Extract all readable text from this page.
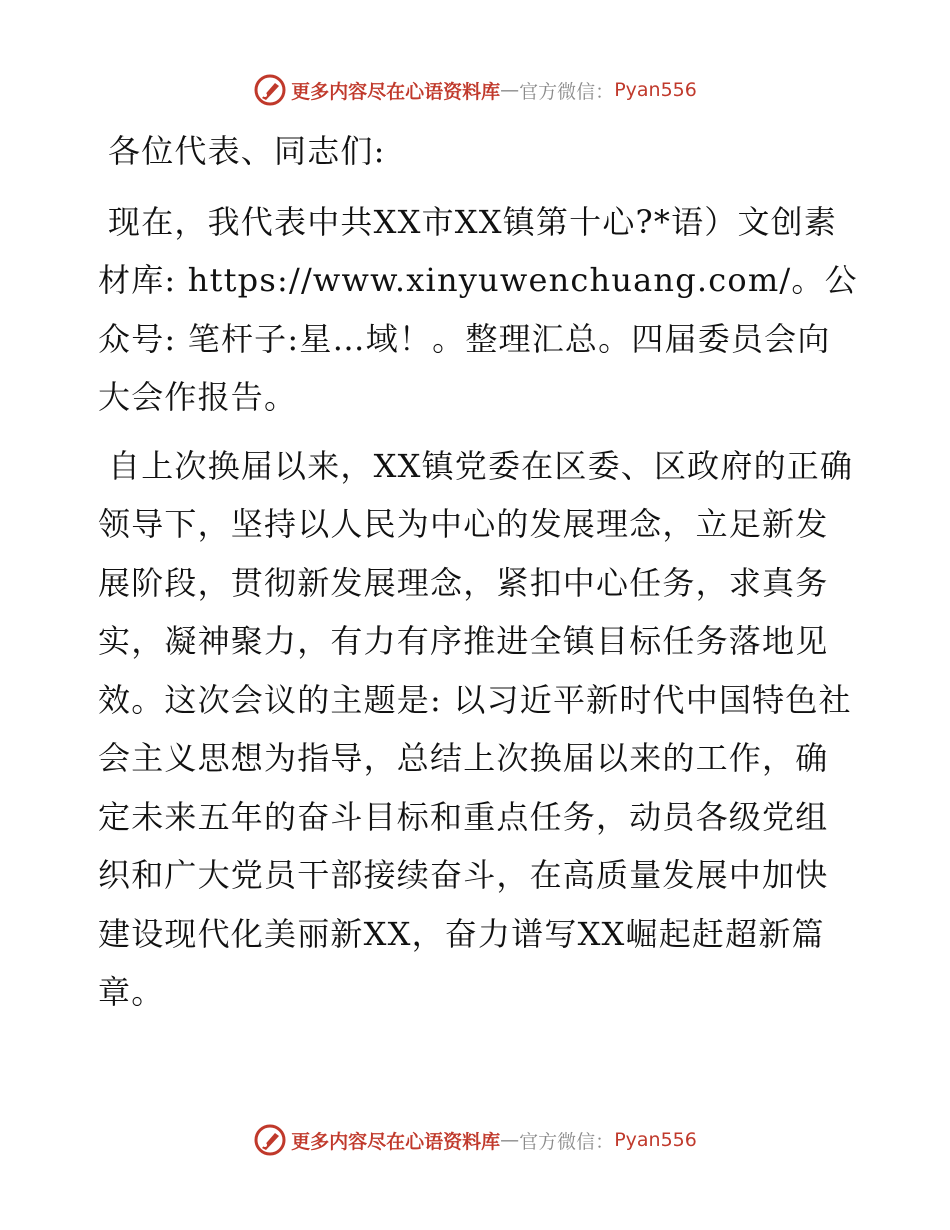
更多内容尽在心语资料库 — 官方微信： Pyan556

各位代表、同志们:

现在，我代表中共XX市XX镇第十心?*语）文创素材库: https://www.xinyuwenchuang.com/。公众号: 笔杆子:星…域！。整理汇总。四届委员会向大会作报告。

自上次换届以来，XX镇党委在区委、区政府的正确领导下，坚持以人民为中心的发展理念，立足新发展阶段，贯彻新发展理念，紧扣中心任务，求真务实，凝神聚力，有力有序推进全镇目标任务落地见效。这次会议的主题是: 以习近平新时代中国特色社会主义思想为指导，总结上次换届以来的工作，确定未来五年的奋斗目标和重点任务，动员各级党组织和广大党员干部接续奋斗，在高质量发展中加快建设现代化美丽新XX，奋力谱写XX崛起赶超新篇章。

更多内容尽在心语资料库 — 官方微信： Pyan556
